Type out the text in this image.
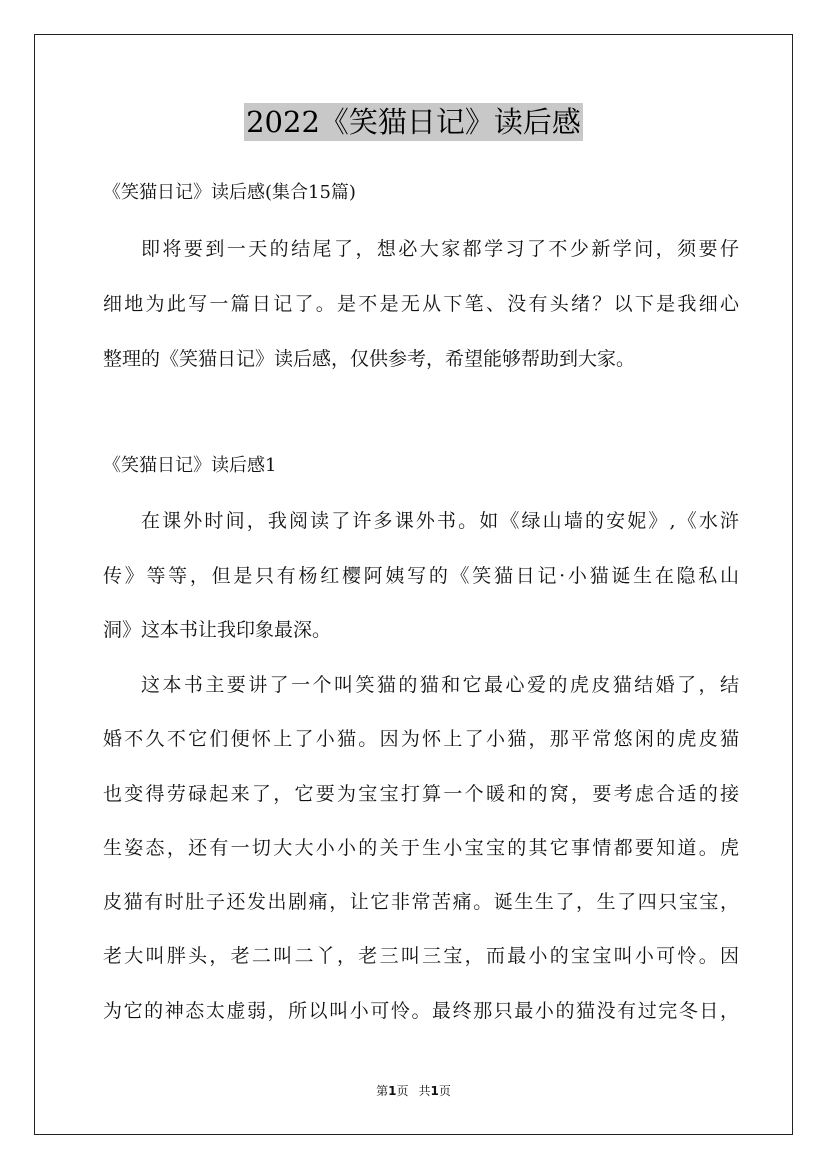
2022《笑猫日记》读后感
《笑猫日记》读后感(集合15篇)
即将要到一天的结尾了，想必大家都学习了不少新学问，须要仔
细地为此写一篇日记了。是不是无从下笔、没有头绪？以下是我细心
整理的《笑猫日记》读后感，仅供参考，希望能够帮助到大家。
《笑猫日记》读后感1
在课外时间，我阅读了许多课外书。如《绿山墙的安妮》,《水浒
传》等等，但是只有杨红樱阿姨写的《笑猫日记·小猫诞生在隐私山
洞》这本书让我印象最深。
这本书主要讲了一个叫笑猫的猫和它最心爱的虎皮猫结婚了，结
婚不久不它们便怀上了小猫。因为怀上了小猫，那平常悠闲的虎皮猫
也变得劳碌起来了，它要为宝宝打算一个暖和的窝，要考虑合适的接
生姿态，还有一切大大小小的关于生小宝宝的其它事情都要知道。虎
皮猫有时肚子还发出剧痛，让它非常苦痛。诞生生了，生了四只宝宝，
老大叫胖头，老二叫二丫，老三叫三宝，而最小的宝宝叫小可怜。因
为它的神态太虚弱，所以叫小可怜。最终那只最小的猫没有过完冬日，
第1页 共1页
